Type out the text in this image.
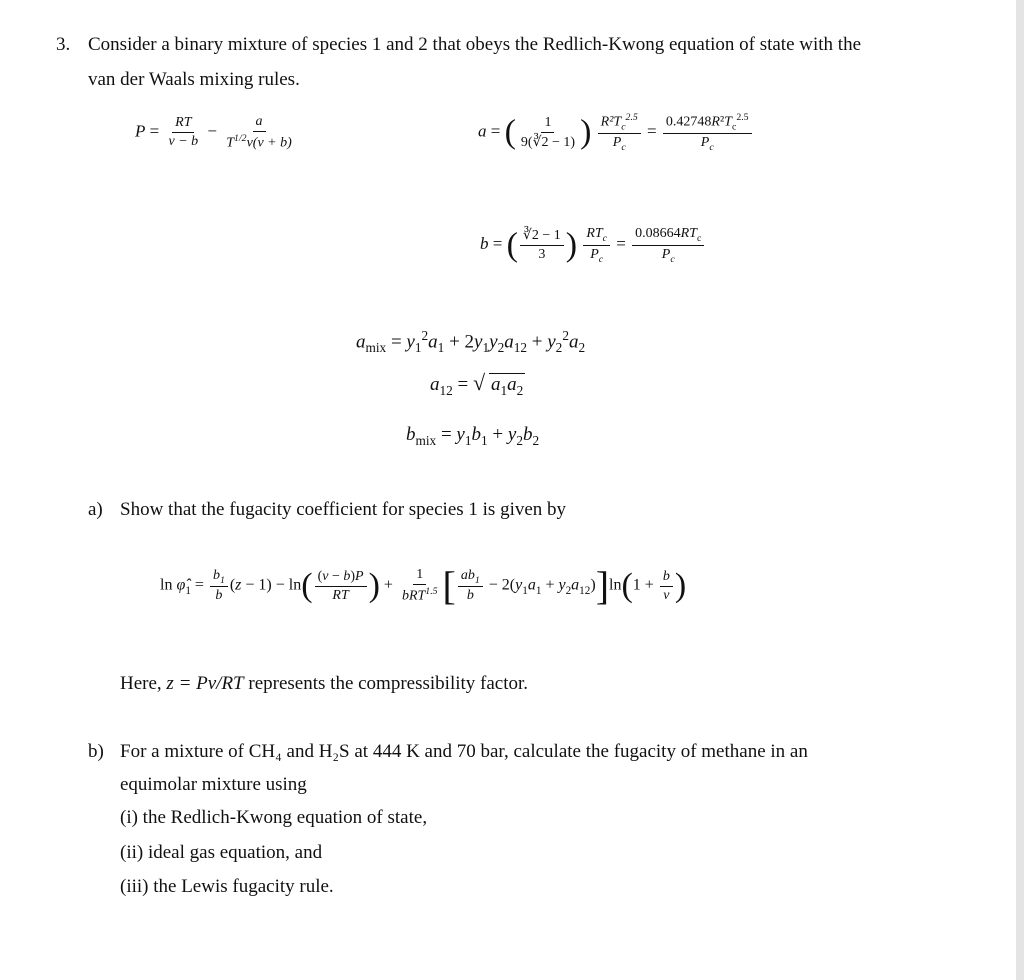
3. Consider a binary mixture of species 1 and 2 that obeys the Redlich-Kwong equation of state with the
van der Waals mixing rules.
$P = \frac{RT}{v - b} - \frac{a}{T^{1/2}v(v + b)}$	a = ( $\frac{1}{9(∛2 - 1)}$ ) $\frac{R^2T_c^{2.5}}{P_c} = \frac{0.42748R^2T_c^{2.5}}{P_c}$
b = ( $\frac{∛2 - 1}{3}$ ) $\frac{RT_c}{P_c} = \frac{0.08664RT_c}{P_c}$
$a_{mix} = y_1^2a_1 + 2y_1y_2a_{12} + y_2^2a_2$
$a_{12}$ = √ $a_1a_2$
$b_{mix} = y_1b_1 + y_2b_2$
a) Show that the fugacity coefficient for species 1 is given by
$\ln \varphî_1 = \frac{b_1}{b} (z - 1) - \ln( \frac{(v - b)P}{RT}$ ) + $\frac{1}{bRT^{1.5}}$ [ $\frac{ab_1}{b} - 2(y_1a_1 + y_2a_{12})]\ln(1 + \frac{b}{v}$ )
Here, z = Pv/RT represents the compressibility factor.
b) For a mixture of CH₄ and H₂S at 444 K and 70 bar, calculate the fugacity of methane in an
equimolar mixture using
(i) the Redlich-Kwong equation of state,
(ii) ideal gas equation, and
(iii) the Lewis fugacity rule.
